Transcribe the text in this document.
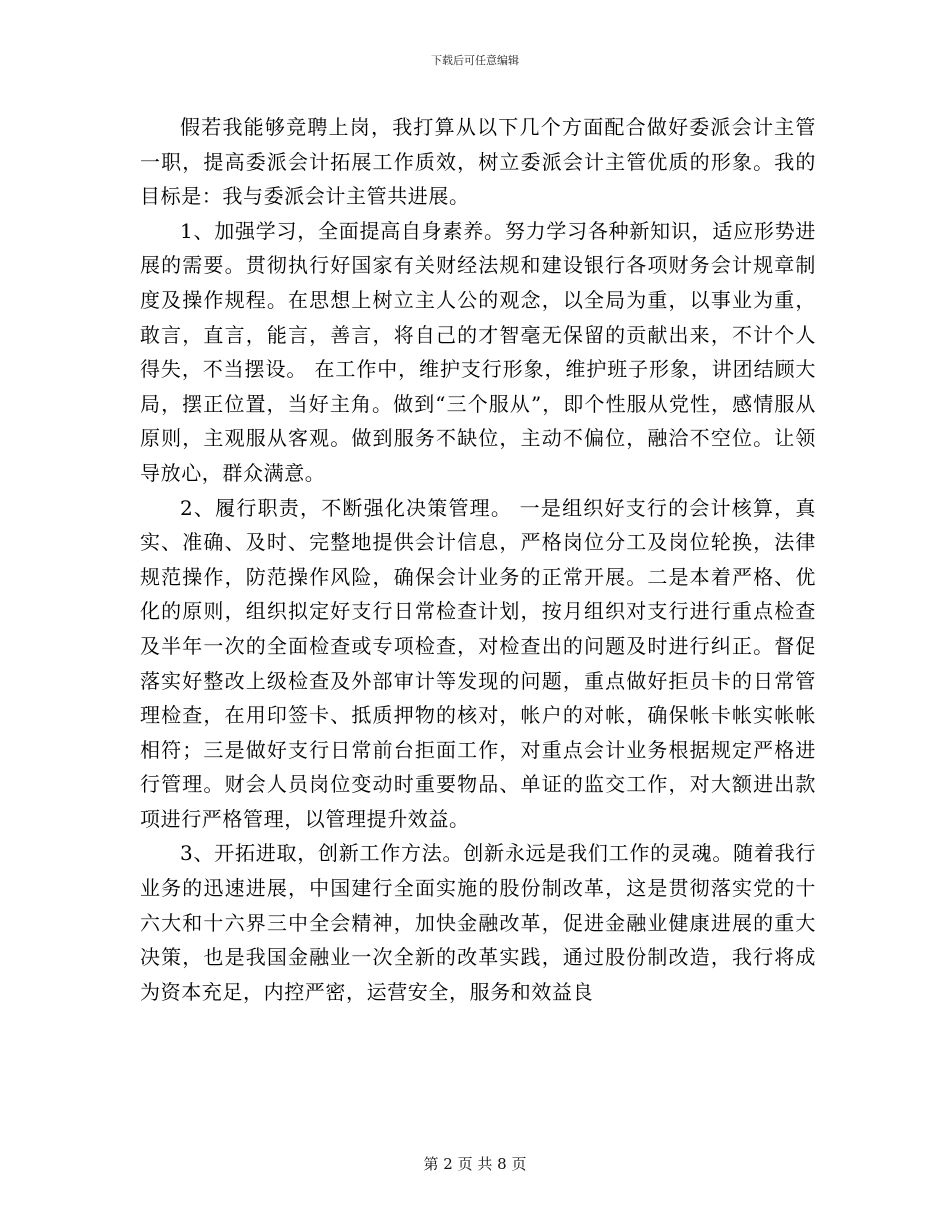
下载后可任意编辑

假若我能够竞聘上岗，我打算从以下几个方面配合做好委派会计主管一职，提高委派会计拓展工作质效，树立委派会计主管优质的形象。我的目标是：我与委派会计主管共进展。

1、加强学习，全面提高自身素养。努力学习各种新知识，适应形势进展的需要。贯彻执行好国家有关财经法规和建设银行各项财务会计规章制度及操作规程。在思想上树立主人公的观念，以全局为重，以事业为重，敢言，直言，能言，善言，将自己的才智毫无保留的贡献出来，不计个人得失，不当摆设。 在工作中，维护支行形象，维护班子形象，讲团结顾大局，摆正位置，当好主角。做到“三个服从”，即个性服从党性，感情服从原则，主观服从客观。做到服务不缺位，主动不偏位，融洽不空位。让领导放心，群众满意。

2、履行职责，不断强化决策管理。 一是组织好支行的会计核算，真实、准确、及时、完整地提供会计信息，严格岗位分工及岗位轮换，法律规范操作，防范操作风险，确保会计业务的正常开展。二是本着严格、优化的原则，组织拟定好支行日常检查计划，按月组织对支行进行重点检查及半年一次的全面检查或专项检查，对检查出的问题及时进行纠正。督促落实好整改上级检查及外部审计等发现的问题，重点做好拒员卡的日常管理检查，在用印签卡、抵质押物的核对，帐户的对帐，确保帐卡帐实帐帐相符；三是做好支行日常前台拒面工作，对重点会计业务根据规定严格进行管理。财会人员岗位变动时重要物品、单证的监交工作，对大额进出款项进行严格管理，以管理提升效益。

3、开拓进取，创新工作方法。创新永远是我们工作的灵魂。随着我行业务的迅速进展，中国建行全面实施的股份制改革，这是贯彻落实党的十六大和十六界三中全会精神，加快金融改革，促进金融业健康进展的重大决策，也是我国金融业一次全新的改革实践，通过股份制改造，我行将成为资本充足，内控严密，运营安全，服务和效益良

第 2 页 共 8 页
